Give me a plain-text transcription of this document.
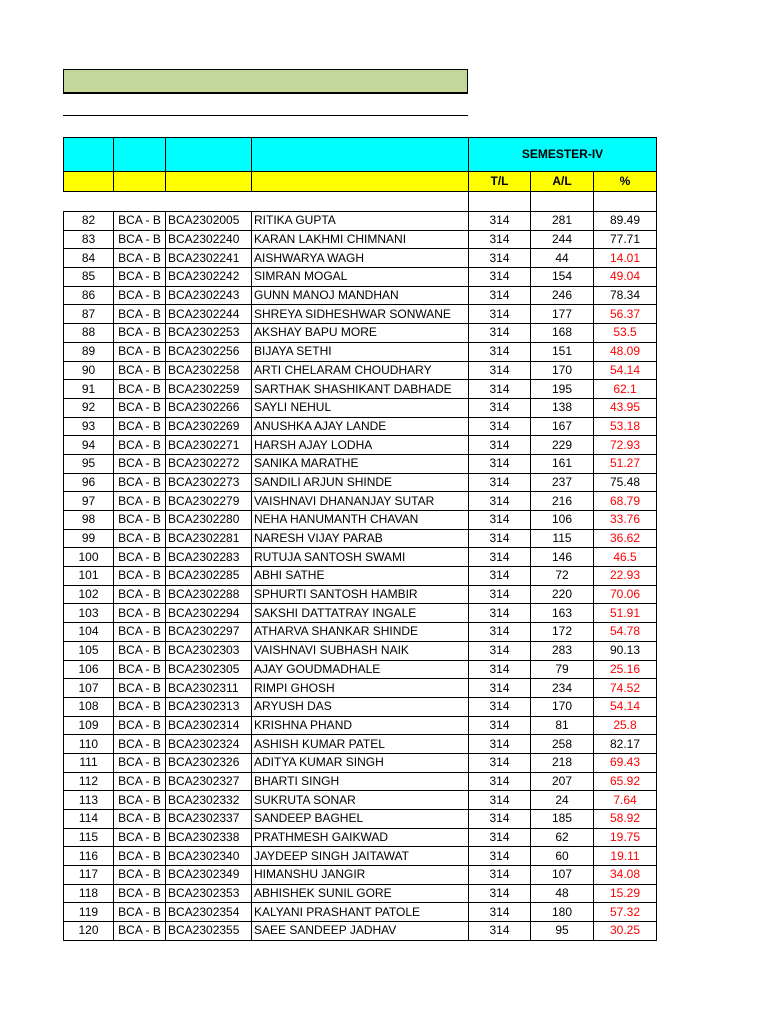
				SEMESTER-IV		
				T/L	A/L	%

82	BCA - B	BCA2302005	RITIKA GUPTA	314	281	89.49
83	BCA - B	BCA2302240	KARAN LAKHMI CHIMNANI	314	244	77.71
84	BCA - B	BCA2302241	AISHWARYA WAGH	314	44	14.01
85	BCA - B	BCA2302242	SIMRAN MOGAL	314	154	49.04
86	BCA - B	BCA2302243	GUNN MANOJ MANDHAN	314	246	78.34
87	BCA - B	BCA2302244	SHREYA SIDHESHWAR SONWANE	314	177	56.37
88	BCA - B	BCA2302253	AKSHAY BAPU MORE	314	168	53.5
89	BCA - B	BCA2302256	BIJAYA SETHI	314	151	48.09
90	BCA - B	BCA2302258	ARTI CHELARAM CHOUDHARY	314	170	54.14
91	BCA - B	BCA2302259	SARTHAK SHASHIKANT DABHADE	314	195	62.1
92	BCA - B	BCA2302266	SAYLI NEHUL	314	138	43.95
93	BCA - B	BCA2302269	ANUSHKA AJAY LANDE	314	167	53.18
94	BCA - B	BCA2302271	HARSH AJAY LODHA	314	229	72.93
95	BCA - B	BCA2302272	SANIKA MARATHE	314	161	51.27
96	BCA - B	BCA2302273	SANDILI ARJUN SHINDE	314	237	75.48
97	BCA - B	BCA2302279	VAISHNAVI DHANANJAY SUTAR	314	216	68.79
98	BCA - B	BCA2302280	NEHA HANUMANTH CHAVAN	314	106	33.76
99	BCA - B	BCA2302281	NARESH VIJAY PARAB	314	115	36.62
100	BCA - B	BCA2302283	RUTUJA SANTOSH SWAMI	314	146	46.5
101	BCA - B	BCA2302285	ABHI SATHE	314	72	22.93
102	BCA - B	BCA2302288	SPHURTI SANTOSH HAMBIR	314	220	70.06
103	BCA - B	BCA2302294	SAKSHI DATTATRAY INGALE	314	163	51.91
104	BCA - B	BCA2302297	ATHARVA SHANKAR SHINDE	314	172	54.78
105	BCA - B	BCA2302303	VAISHNAVI SUBHASH NAIK	314	283	90.13
106	BCA - B	BCA2302305	AJAY GOUDMADHALE	314	79	25.16
107	BCA - B	BCA2302311	RIMPI GHOSH	314	234	74.52
108	BCA - B	BCA2302313	ARYUSH DAS	314	170	54.14
109	BCA - B	BCA2302314	KRISHNA PHAND	314	81	25.8
110	BCA - B	BCA2302324	ASHISH KUMAR PATEL	314	258	82.17
111	BCA - B	BCA2302326	ADITYA KUMAR SINGH	314	218	69.43
112	BCA - B	BCA2302327	BHARTI SINGH	314	207	65.92
113	BCA - B	BCA2302332	SUKRUTA SONAR	314	24	7.64
114	BCA - B	BCA2302337	SANDEEP BAGHEL	314	185	58.92
115	BCA - B	BCA2302338	PRATHMESH GAIKWAD	314	62	19.75
116	BCA - B	BCA2302340	JAYDEEP SINGH JAITAWAT	314	60	19.11
117	BCA - B	BCA2302349	HIMANSHU JANGIR	314	107	34.08
118	BCA - B	BCA2302353	ABHISHEK SUNIL GORE	314	48	15.29
119	BCA - B	BCA2302354	KALYANI PRASHANT PATOLE	314	180	57.32
120	BCA - B	BCA2302355	SAEE SANDEEP JADHAV	314	95	30.25
